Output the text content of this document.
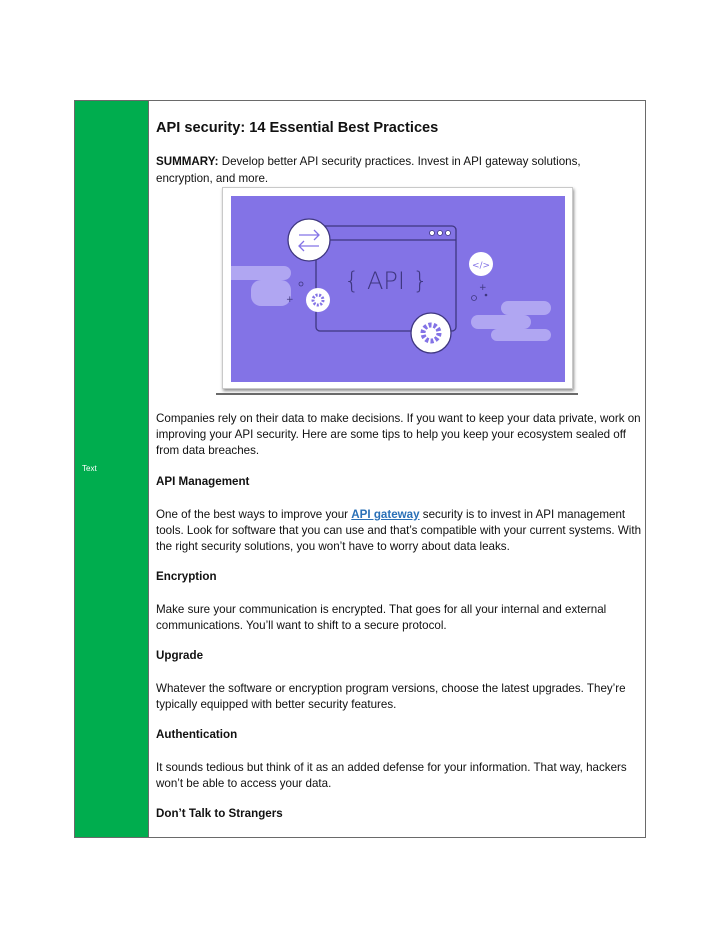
Text
API security: 14 Essential Best Practices
SUMMARY: Develop better API security practices. Invest in API gateway solutions, encryption, and more.
{ API }
</>
+
+
Companies rely on their data to make decisions. If you want to keep your data private, work on improving your API security. Here are some tips to help you keep your ecosystem sealed off from data breaches.
API Management
One of the best ways to improve your API gateway security is to invest in API management tools. Look for software that you can use and that’s compatible with your current systems. With the right security solutions, you won’t have to worry about data leaks.
Encryption
Make sure your communication is encrypted. That goes for all your internal and external communications. You’ll want to shift to a secure protocol.
Upgrade
Whatever the software or encryption program versions, choose the latest upgrades. They’re typically equipped with better security features.
Authentication
It sounds tedious but think of it as an added defense for your information. That way, hackers won’t be able to access your data.
Don’t Talk to Strangers
